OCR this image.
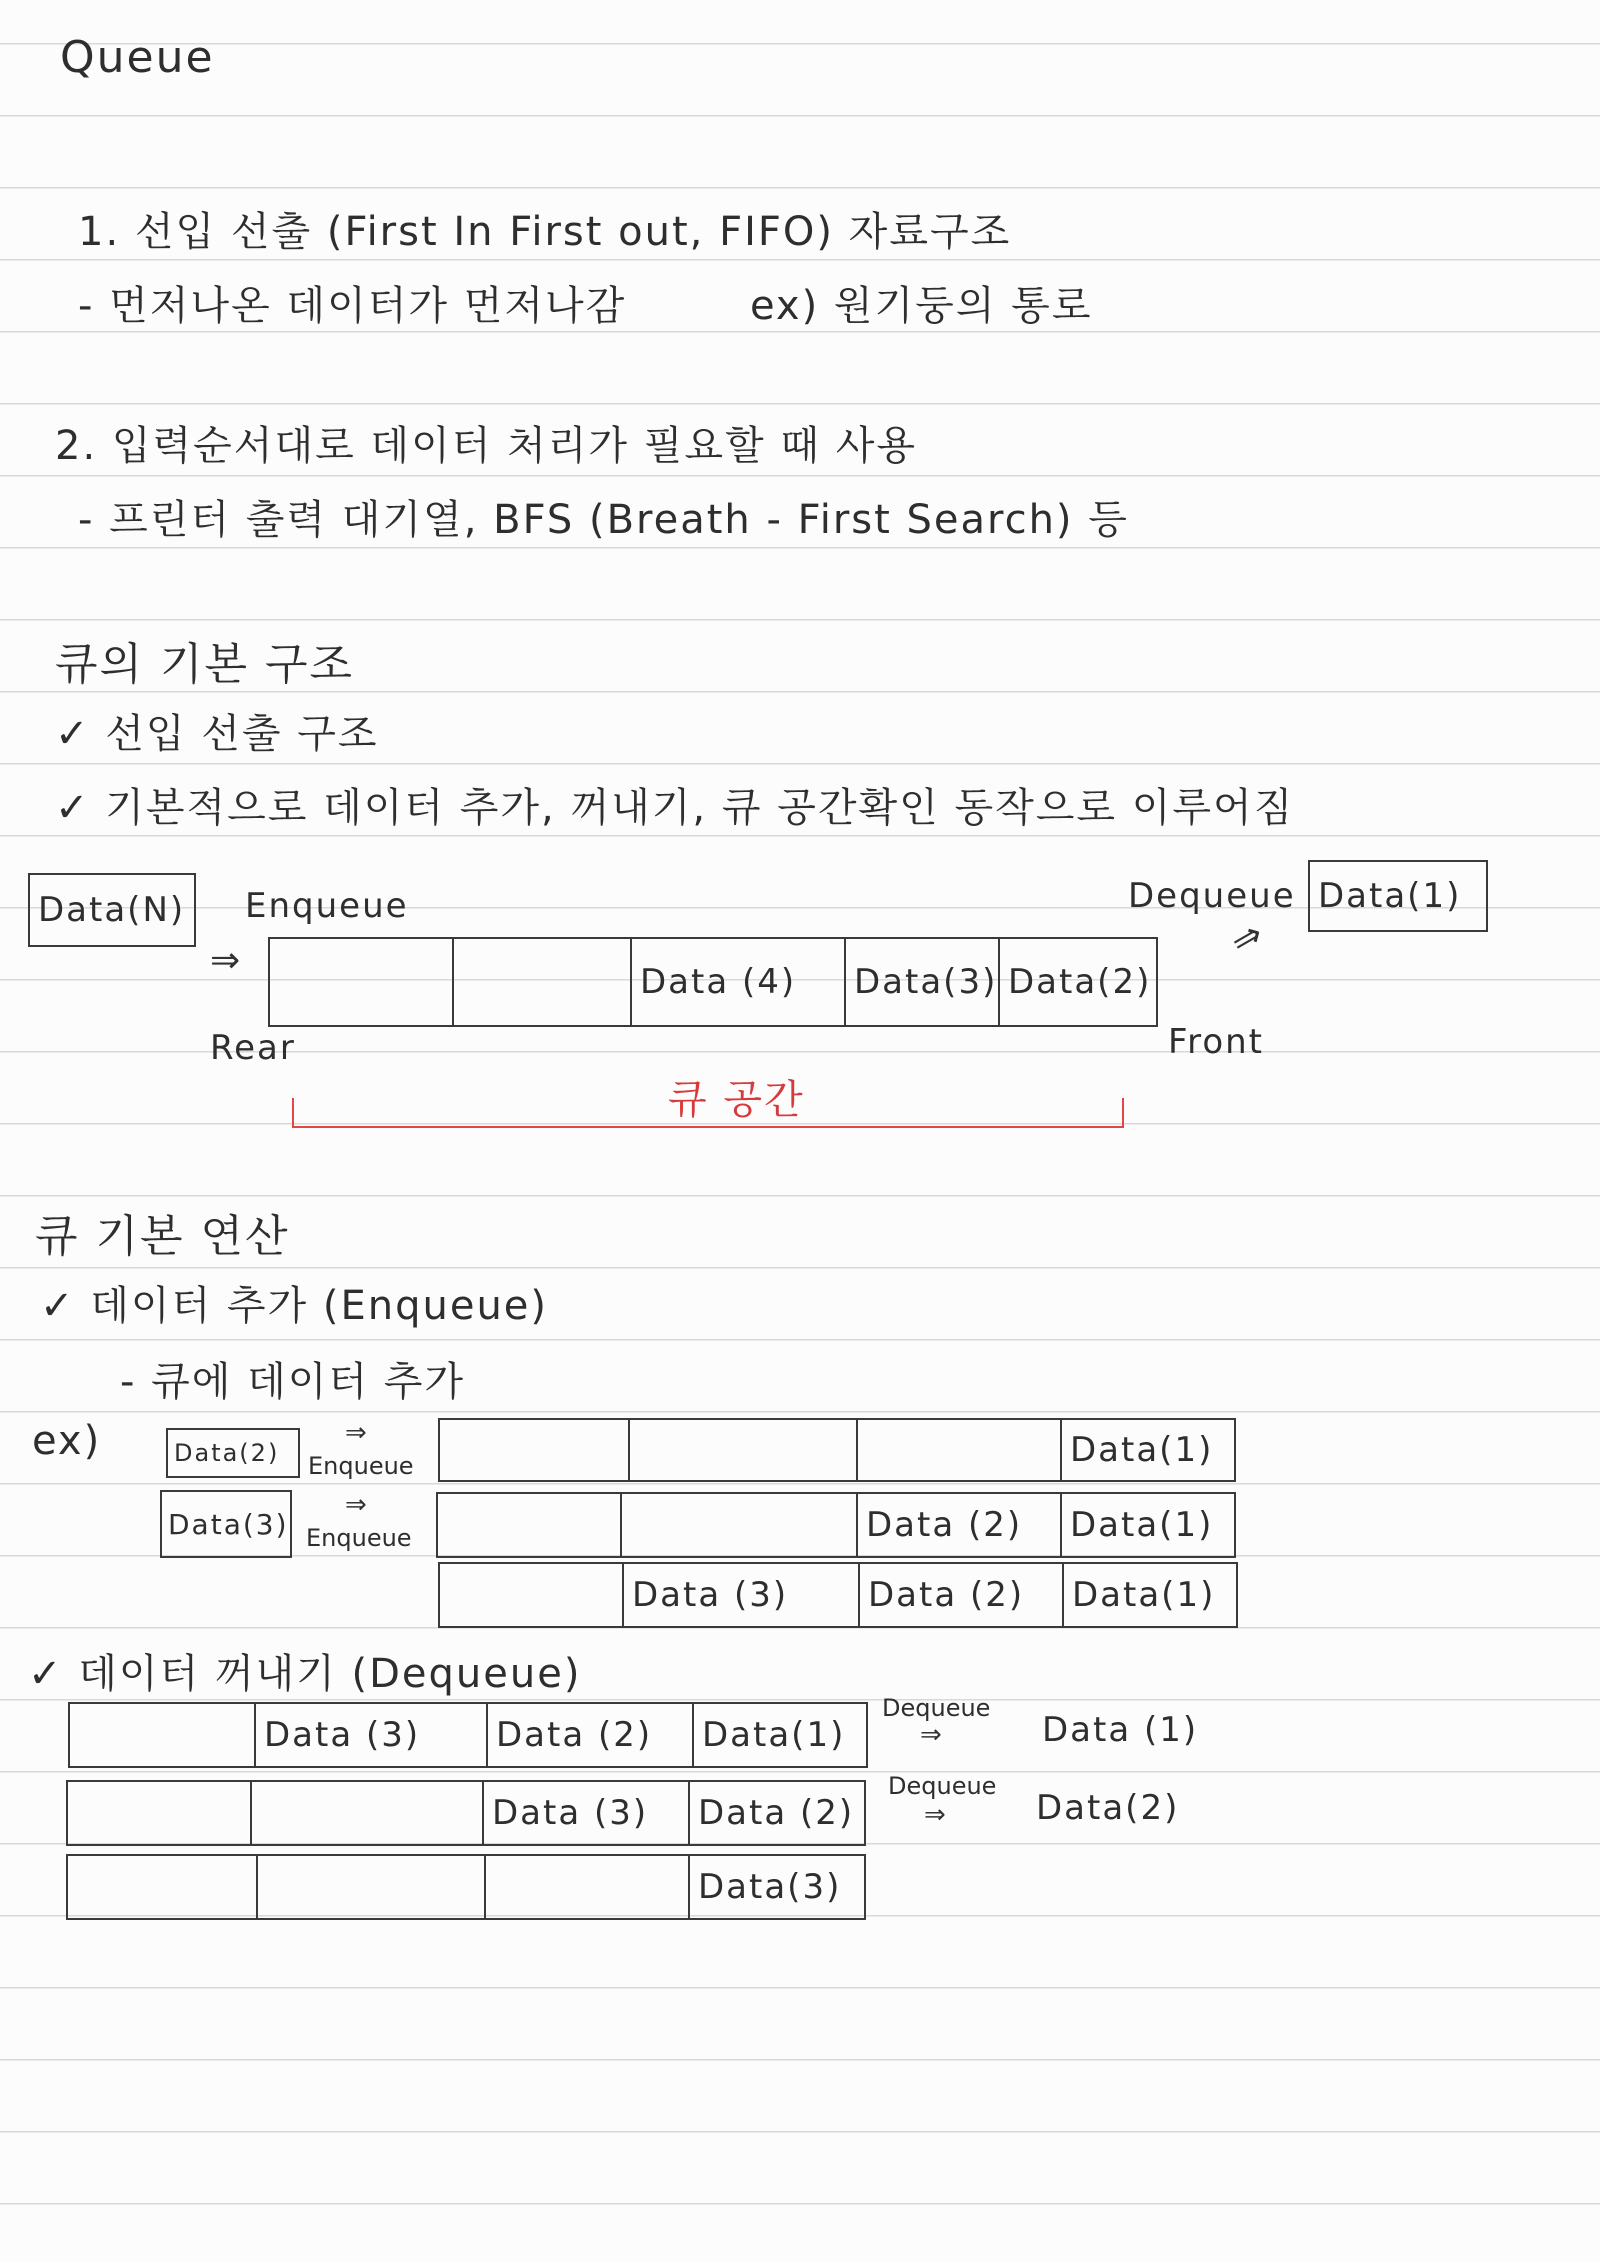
Queue
1. 선입 선출 (First In First out, FIFO) 자료구조
- 먼저나온 데이터가 먼저나감	ex) 원기둥의 통로
2. 입력순서대로 데이터 처리가 필요할 때 사용
- 프린터 출력 대기열, BFS (Breath - First Search) 등
큐의 기본 구조
✓ 선입 선출 구조
✓ 기본적으로 데이터 추가, 꺼내기, 큐 공간확인 동작으로 이루어짐
Data(N) Enqueue
⇒
Dequeue
⇒
Data(1)
Data (4)	Data(3) Data(2)
Rear	Front
큐 공간
큐 기본 연산
✓ 데이터 추가 (Enqueue)
- 큐에 데이터 추가
ex)	Data(2)
⇒
Enqueue	Data(1)
Data(3)
⇒
Enqueue	Data (2)	Data(1)
Data (3)	Data (2)	Data(1)
✓ 데이터 꺼내기 (Dequeue)
Data (3)	Data (2)	Data(1)
Dequeue
⇒	Data (1)
Data (3)	Data (2)
Dequeue
⇒	Data(2)
Data(3)
